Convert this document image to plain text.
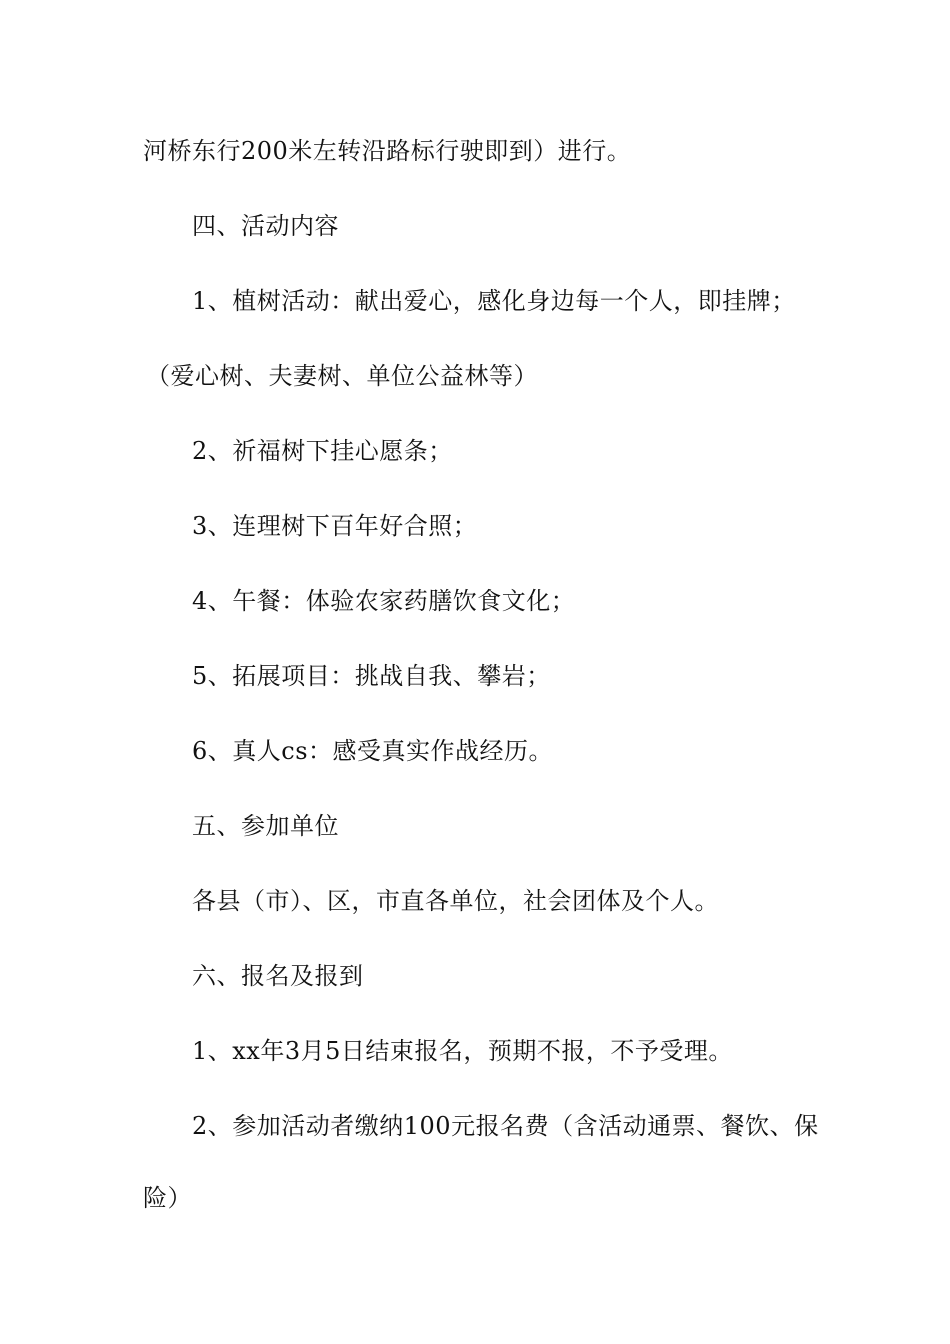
河桥东行200米左转沿路标行驶即到）进行。
四、活动内容
1、植树活动：献出爱心，感化身边每一个人，即挂牌；
（爱心树、夫妻树、单位公益林等）
2、祈福树下挂心愿条；
3、连理树下百年好合照；
4、午餐：体验农家药膳饮食文化；
5、拓展项目：挑战自我、攀岩；
6、真人cs：感受真实作战经历。
五、参加单位
各县（市）、区，市直各单位，社会团体及个人。
六、报名及报到
1、xx年3月5日结束报名，预期不报，不予受理。
2、参加活动者缴纳100元报名费（含活动通票、餐饮、保
险）
